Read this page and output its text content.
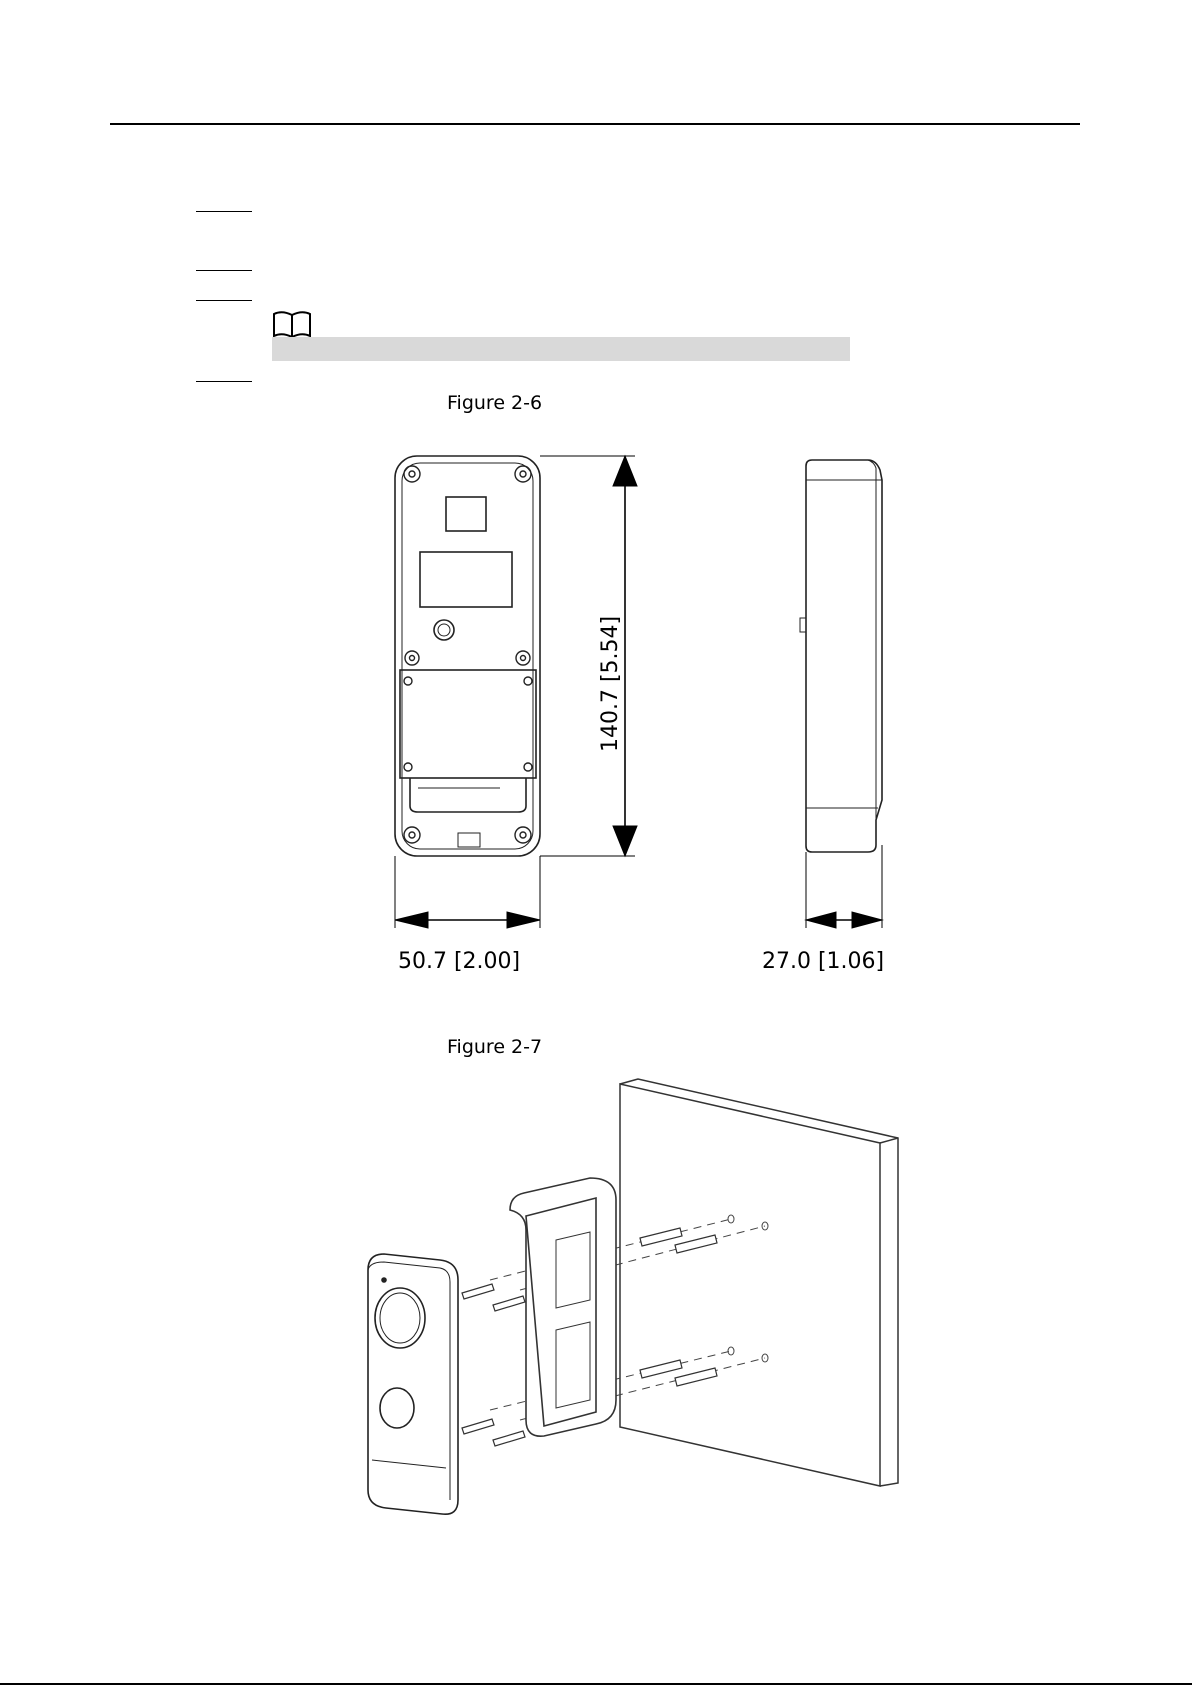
Figure 2-6
Figure 2-7
140.7 [5.54]
50.7 [2.00]	27.0 [1.06]
